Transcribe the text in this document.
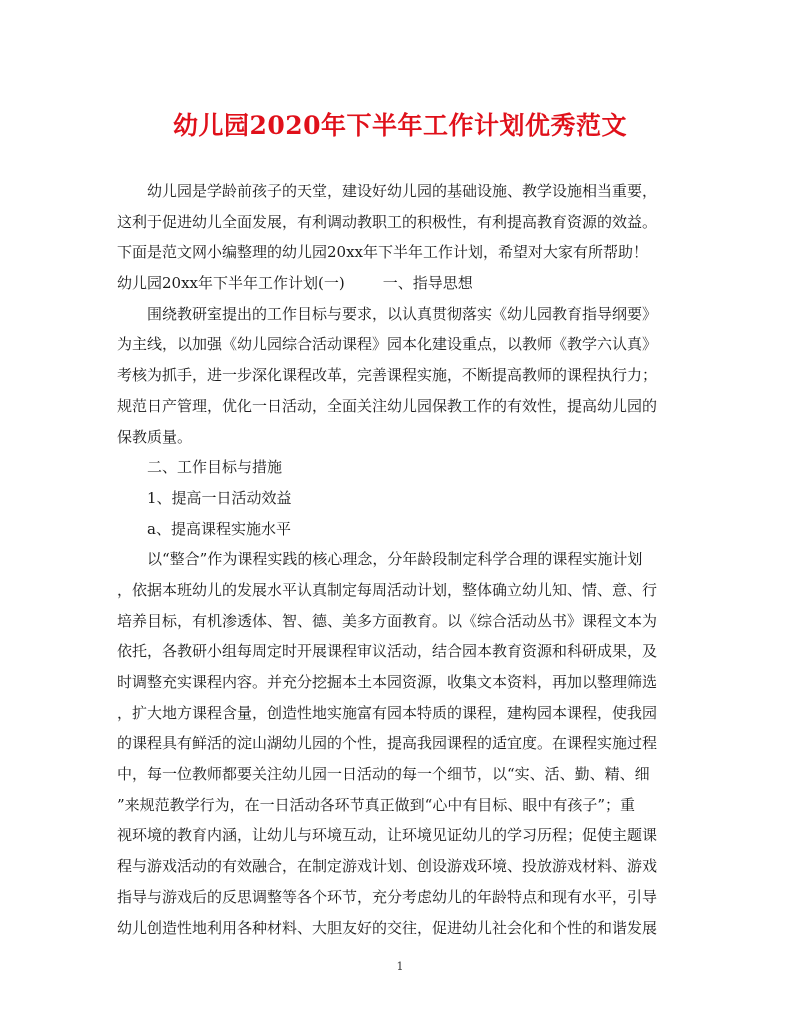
幼儿园2020年下半年工作计划优秀范文
幼儿园是学龄前孩子的天堂，建设好幼儿园的基础设施、教学设施相当重要，
这利于促进幼儿全面发展，有利调动教职工的积极性，有利提高教育资源的效益。
下面是范文网小编整理的幼儿园20xx年下半年工作计划，希望对大家有所帮助！
幼儿园20xx年下半年工作计划(一)	一、指导思想
围绕教研室提出的工作目标与要求，以认真贯彻落实《幼儿园教育指导纲要》
为主线，以加强《幼儿园综合活动课程》园本化建设重点，以教师《教学六认真》
考核为抓手，进一步深化课程改革，完善课程实施，不断提高教师的课程执行力；
规范日产管理，优化一日活动，全面关注幼儿园保教工作的有效性，提高幼儿园的
保教质量。
二、工作目标与措施
1、提高一日活动效益
a、提高课程实施水平
以“整合”作为课程实践的核心理念，分年龄段制定科学合理的课程实施计划
，依据本班幼儿的发展水平认真制定每周活动计划，整体确立幼儿知、情、意、行
培养目标，有机渗透体、智、德、美多方面教育。以《综合活动丛书》课程文本为
依托，各教研小组每周定时开展课程审议活动，结合园本教育资源和科研成果，及
时调整充实课程内容。并充分挖掘本土本园资源，收集文本资料，再加以整理筛选
，扩大地方课程含量，创造性地实施富有园本特质的课程，建构园本课程，使我园
的课程具有鲜活的淀山湖幼儿园的个性，提高我园课程的适宜度。在课程实施过程
中，每一位教师都要关注幼儿园一日活动的每一个细节，以“实、活、勤、精、细
”来规范教学行为，在一日活动各环节真正做到“心中有目标、眼中有孩子”；重
视环境的教育内涵，让幼儿与环境互动，让环境见证幼儿的学习历程；促使主题课
程与游戏活动的有效融合，在制定游戏计划、创设游戏环境、投放游戏材料、游戏
指导与游戏后的反思调整等各个环节，充分考虑幼儿的年龄特点和现有水平，引导
幼儿创造性地利用各种材料、大胆友好的交往，促进幼儿社会化和个性的和谐发展
1
